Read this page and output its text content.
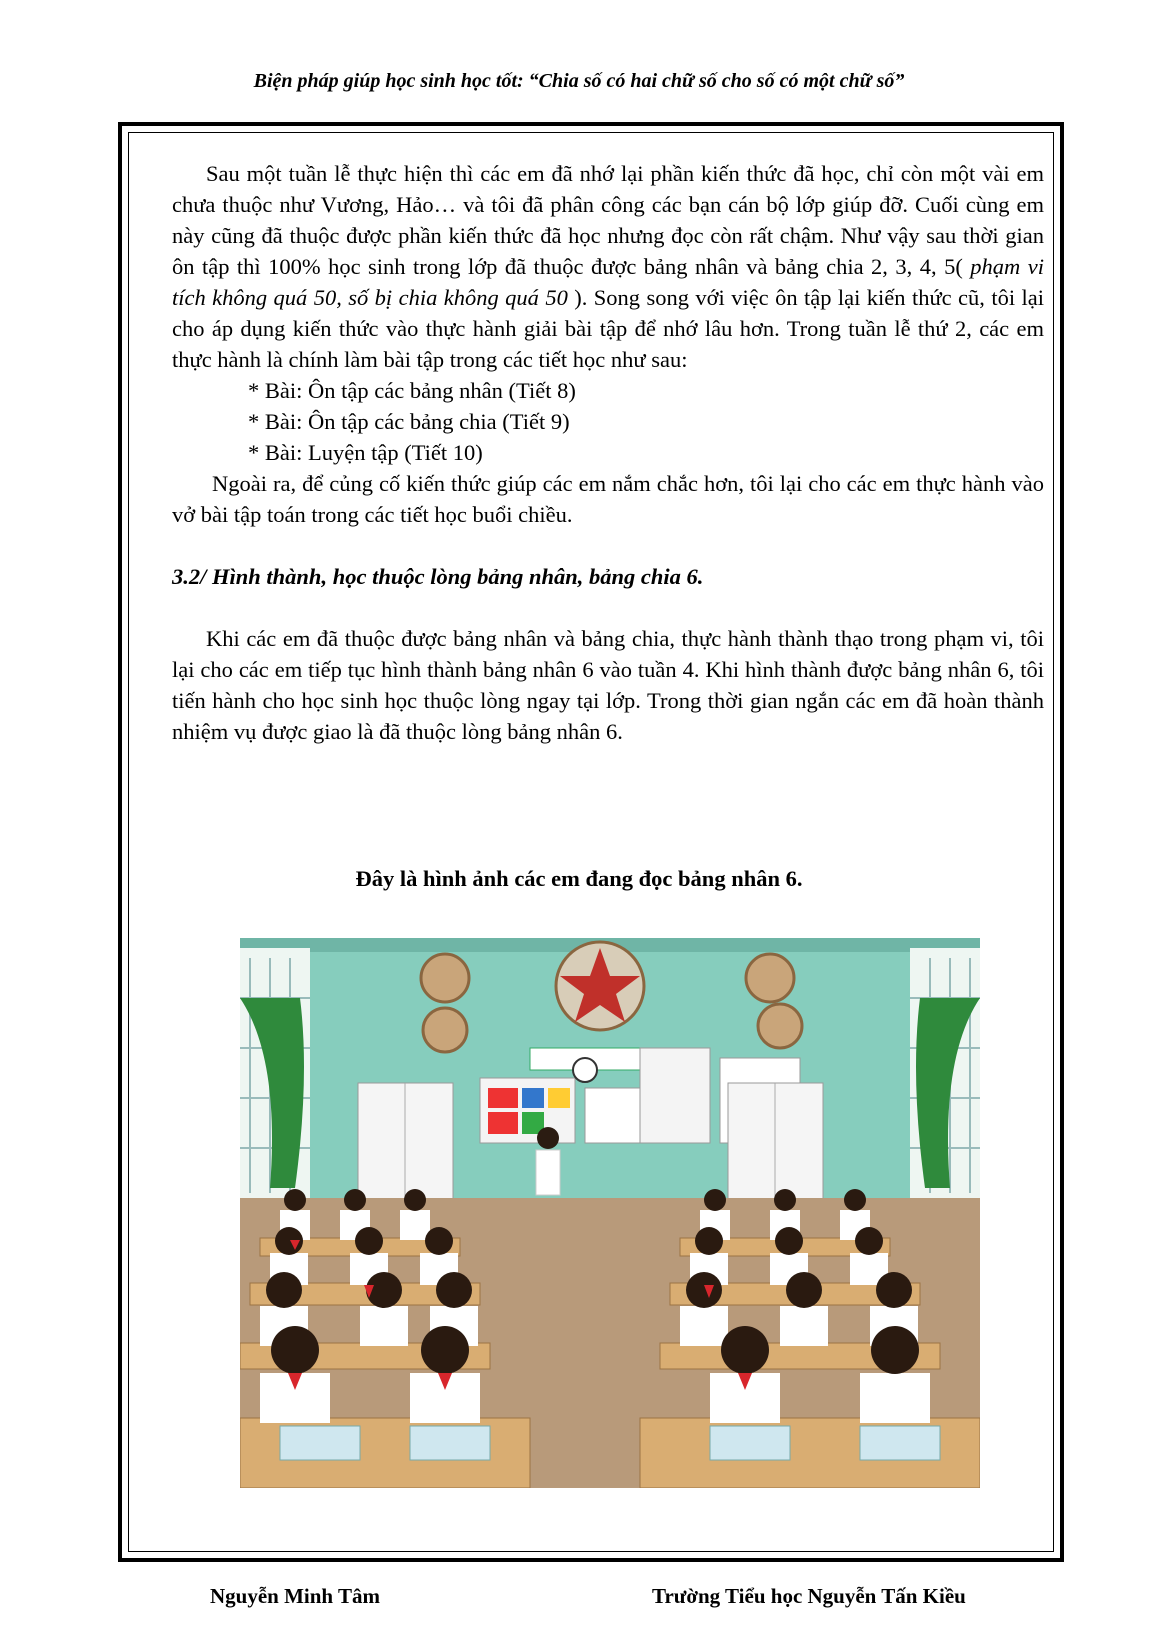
Biện pháp giúp học sinh học tốt: “Chia số có hai chữ số cho số có một chữ số”

Sau một tuần lễ thực hiện thì các em đã nhớ lại phần kiến thức đã học, chỉ còn một vài em chưa thuộc như Vương, Hảo… và tôi đã phân công các bạn cán bộ lớp giúp đỡ. Cuối cùng em này cũng đã thuộc được phần kiến thức đã học nhưng đọc còn rất chậm. Như vậy sau thời gian ôn tập thì 100% học sinh trong lớp đã thuộc được bảng nhân và bảng chia 2, 3, 4, 5( phạm vi tích không quá 50, số bị chia không quá 50 ). Song song với việc ôn tập lại kiến thức cũ, tôi lại cho áp dụng kiến thức vào thực hành giải bài tập để nhớ lâu hơn. Trong tuần lễ thứ 2, các em thực hành là chính làm bài tập trong các tiết học như sau:

* Bài: Ôn tập các bảng nhân (Tiết 8)

* Bài: Ôn tập các bảng chia (Tiết 9)

* Bài: Luyện tập (Tiết 10)

Ngoài ra, để củng cố kiến thức giúp các em nắm chắc hơn, tôi lại cho các em thực hành vào vở bài tập toán trong các tiết học buổi chiều.

3.2/ Hình thành, học thuộc lòng bảng nhân, bảng chia 6.

Khi các em đã thuộc được bảng nhân và bảng chia, thực hành thành thạo trong phạm vi, tôi lại cho các em tiếp tục hình thành bảng nhân 6 vào tuần 4. Khi hình thành được bảng nhân 6, tôi tiến hành cho học sinh học thuộc lòng ngay tại lớp. Trong thời gian ngắn các em đã hoàn thành nhiệm vụ được giao là đã thuộc lòng bảng nhân 6.

Đây là hình ảnh các em đang đọc bảng nhân 6.
Nguyễn Minh Tâm	Trường Tiểu học Nguyễn Tấn Kiều
